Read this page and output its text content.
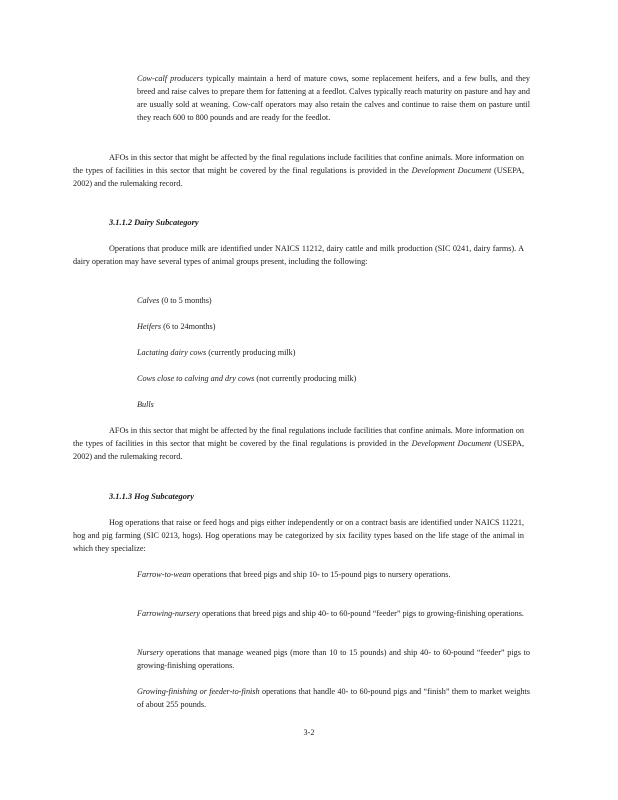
Cow-calf producers typically maintain a herd of mature cows, some replacement heifers, and a few bulls, and they breed and raise calves to prepare them for fattening at a feedlot. Calves typically reach maturity on pasture and hay and are usually sold at weaning. Cow-calf operators may also retain the calves and continue to raise them on pasture until they reach 600 to 800 pounds and are ready for the feedlot.

AFOs in this sector that might be affected by the final regulations include facilities that confine animals. More information on the types of facilities in this sector that might be covered by the final regulations is provided in the Development Document (USEPA, 2002) and the rulemaking record.

3.1.1.2 Dairy Subcategory

Operations that produce milk are identified under NAICS 11212, dairy cattle and milk production (SIC 0241, dairy farms). A dairy operation may have several types of animal groups present, including the following:

Calves (0 to 5 months)

Heifers (6 to 24months)

Lactating dairy cows (currently producing milk)

Cows close to calving and dry cows (not currently producing milk)

Bulls

AFOs in this sector that might be affected by the final regulations include facilities that confine animals. More information on the types of facilities in this sector that might be covered by the final regulations is provided in the Development Document (USEPA, 2002) and the rulemaking record.

3.1.1.3 Hog Subcategory

Hog operations that raise or feed hogs and pigs either independently or on a contract basis are identified under NAICS 11221, hog and pig farming (SIC 0213, hogs). Hog operations may be categorized by six facility types based on the life stage of the animal in which they specialize:

Farrow-to-wean operations that breed pigs and ship 10- to 15-pound pigs to nursery operations.

Farrowing-nursery operations that breed pigs and ship 40- to 60-pound “feeder” pigs to growing-finishing operations.

Nursery operations that manage weaned pigs (more than 10 to 15 pounds) and ship 40- to 60-pound “feeder” pigs to growing-finishing operations.

Growing-finishing or feeder-to-finish operations that handle 40- to 60-pound pigs and “finish” them to market weights of about 255 pounds.

3-2
